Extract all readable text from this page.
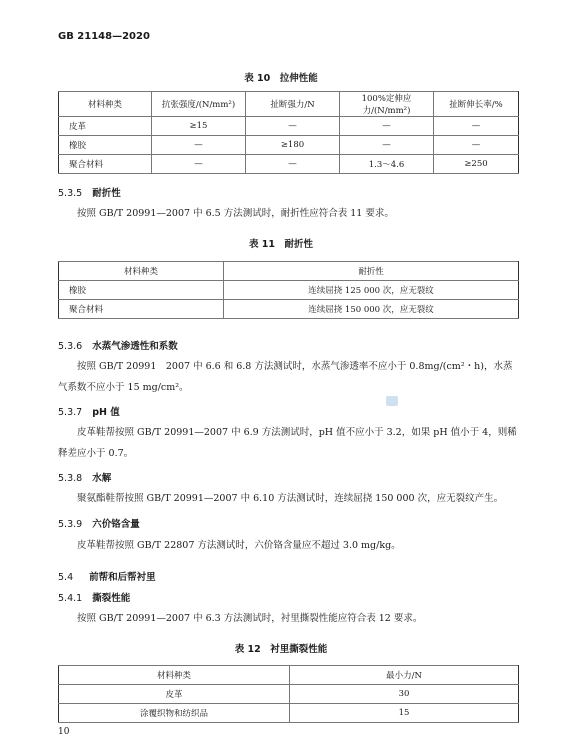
GB 21148—2020
表 10　拉伸性能
材料种类	抗张强度/(N/mm²)	扯断强力/N	100%定伸应力/(N/mm²)	扯断伸长率/%
皮革	≥15	—	—	—
橡胶	—	≥180	—	—
聚合材料	—	—	1.3～4.6	≥250
5.3.5 耐折性
按照 GB/T 20991—2007 中 6.5 方法测试时，耐折性应符合表 11 要求。
表 11　耐折性
材料种类	耐折性
橡胶	连续屈挠 125 000 次，应无裂纹
聚合材料	连续屈挠 150 000 次，应无裂纹
5.3.6 水蒸气渗透性和系数
按照 GB/T 20991　2007 中 6.6 和 6.8 方法测试时，水蒸气渗透率不应小于 0.8mg/(cm²・h)，水蒸气系数不应小于 15 mg/cm²。
5.3.7 pH 值
皮革鞋帮按照 GB/T 20991—2007 中 6.9 方法测试时，pH 值不应小于 3.2，如果 pH 值小于 4，则稀释差应小于 0.7。
5.3.8 水解
聚氨酯鞋帮按照 GB/T 20991—2007 中 6.10 方法测试时，连续屈挠 150 000 次，应无裂纹产生。
5.3.9 六价铬含量
皮革鞋帮按照 GB/T 22807 方法测试时，六价铬含量应不超过 3.0 mg/kg。
5.4 前帮和后帮衬里
5.4.1 撕裂性能
按照 GB/T 20991—2007 中 6.3 方法测试时，衬里撕裂性能应符合表 12 要求。
表 12　衬里撕裂性能
材料种类	最小力/N
皮革	30
涂覆织物和纺织品	15
10
